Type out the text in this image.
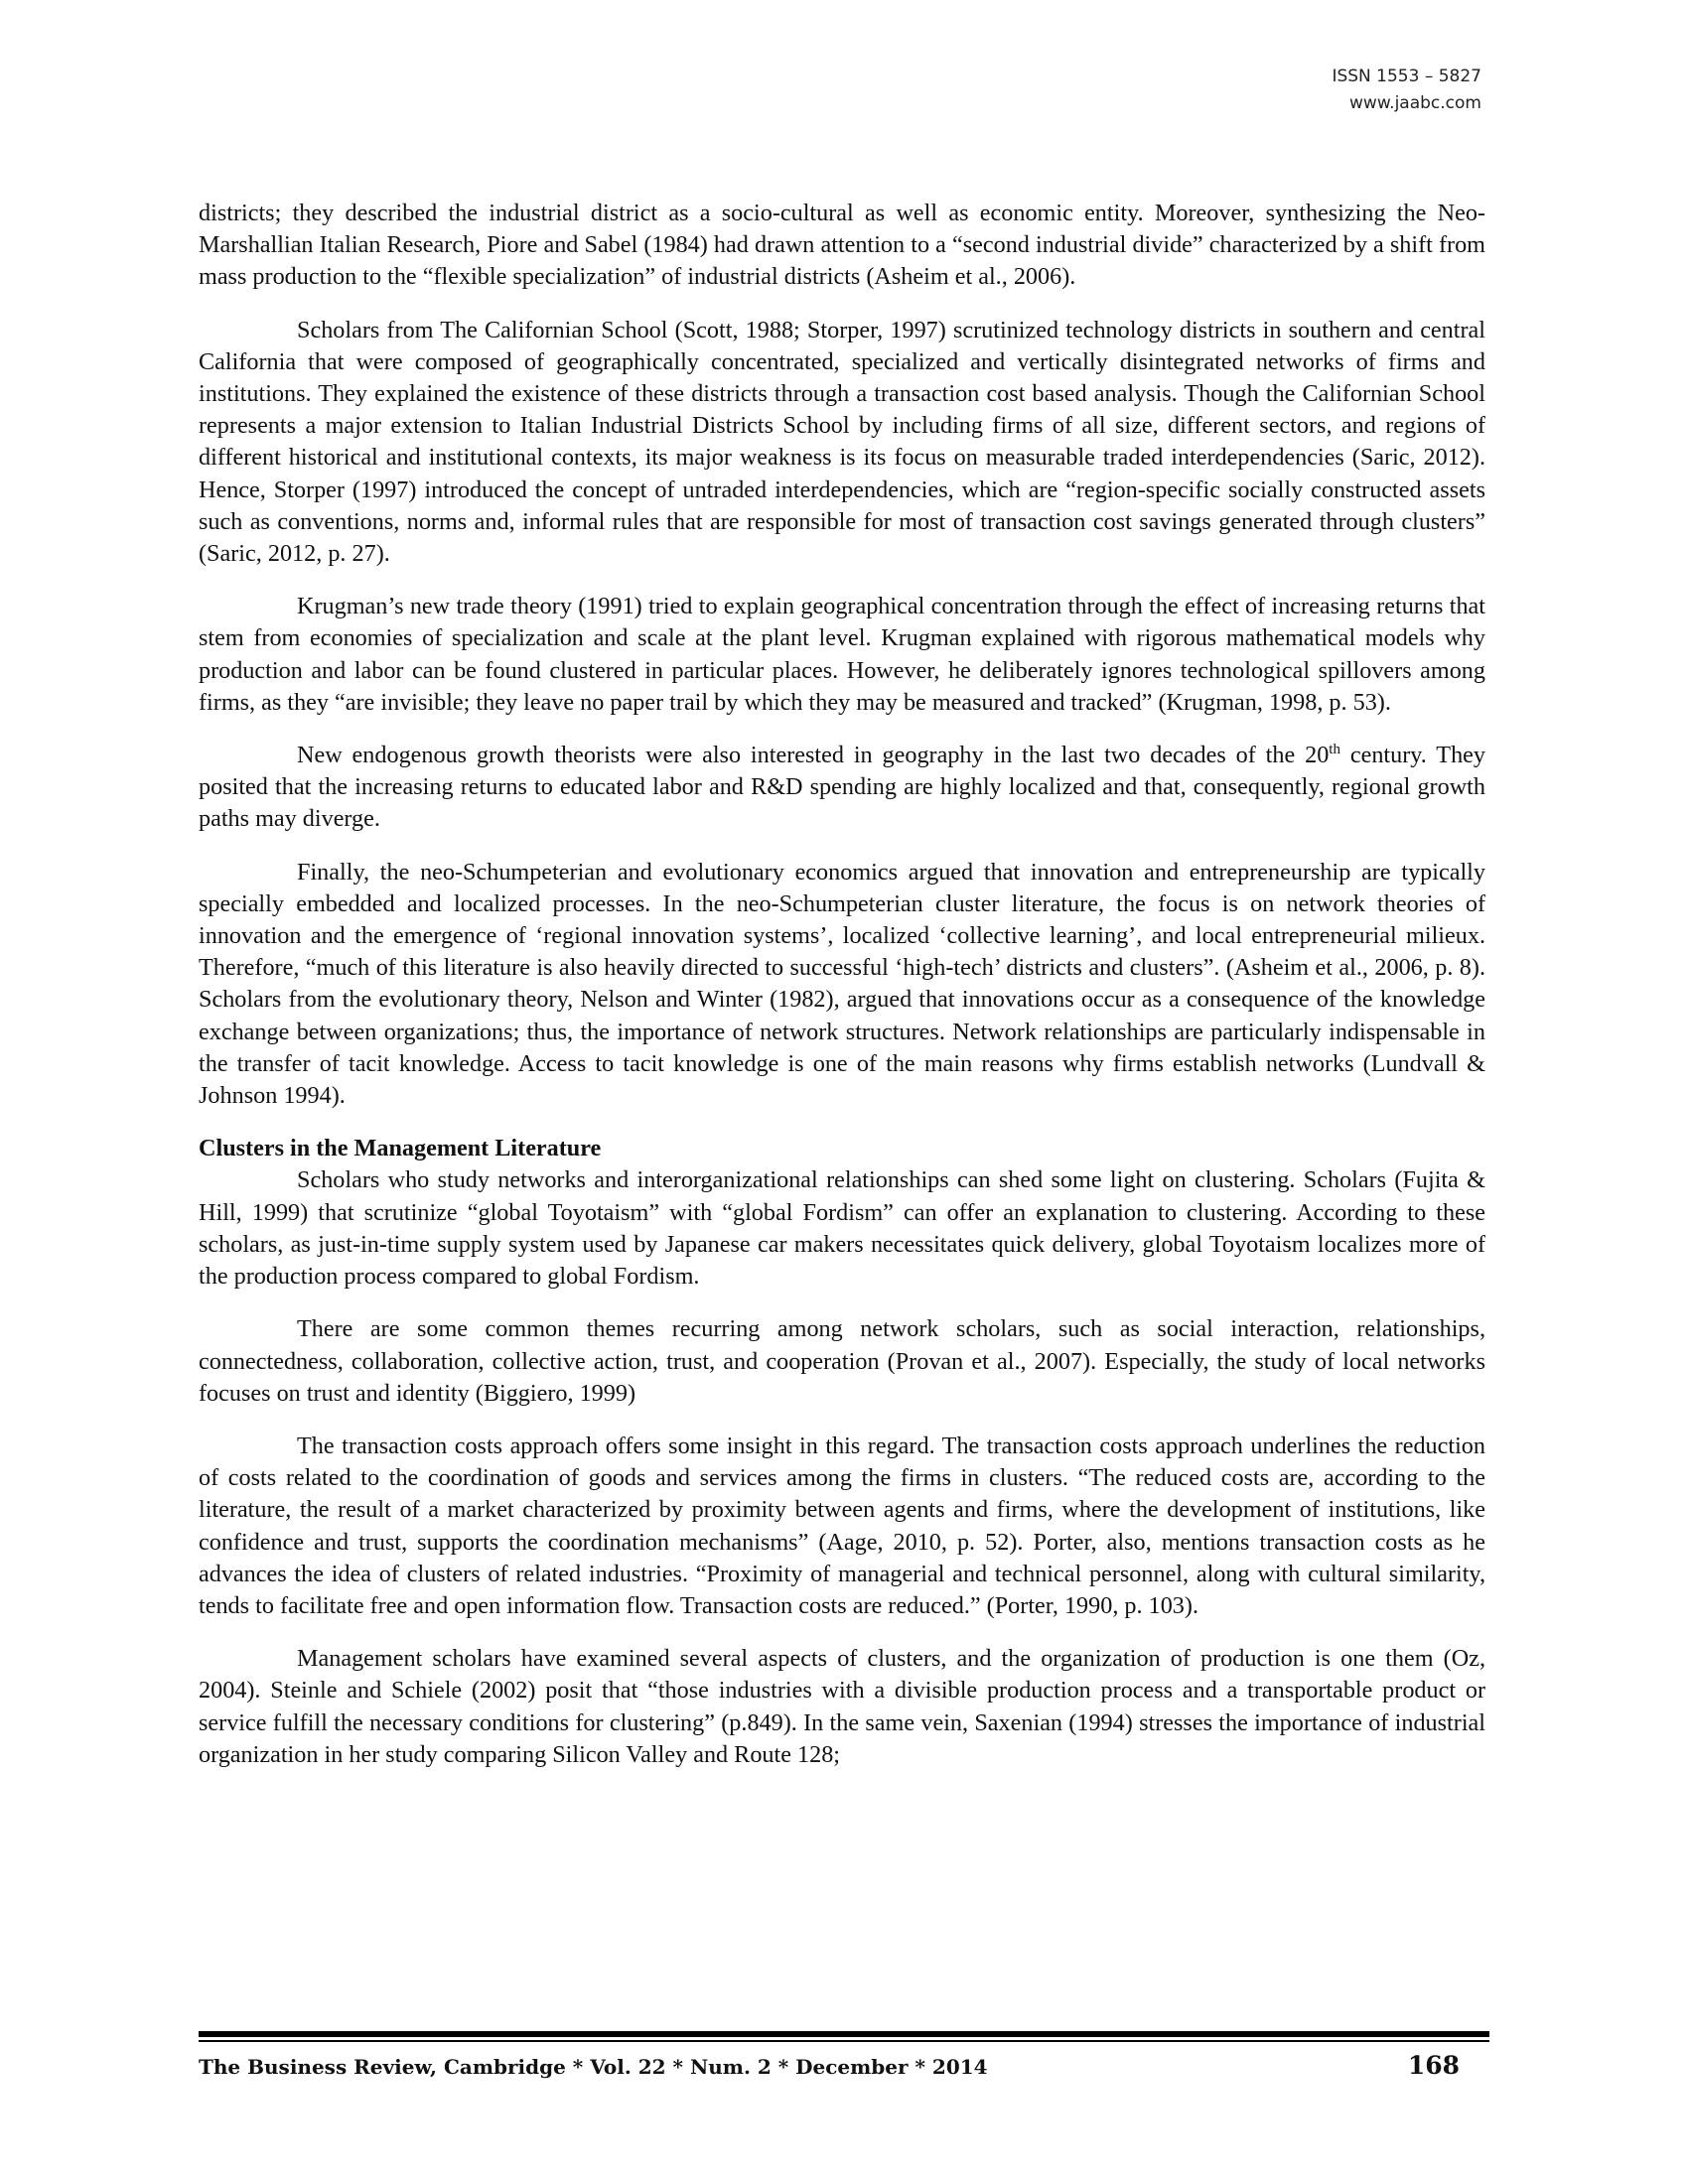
ISSN 1553 – 5827
www.jaabc.com

districts; they described the industrial district as a socio-cultural as well as economic entity. Moreover, synthesizing the Neo-Marshallian Italian Research, Piore and Sabel (1984) had drawn attention to a “second industrial divide” characterized by a shift from mass production to the “flexible specialization” of industrial districts (Asheim et al., 2006).

Scholars from The Californian School (Scott, 1988; Storper, 1997) scrutinized technology districts in southern and central California that were composed of geographically concentrated, specialized and vertically disintegrated networks of firms and institutions. They explained the existence of these districts through a transaction cost based analysis. Though the Californian School represents a major extension to Italian Industrial Districts School by including firms of all size, different sectors, and regions of different historical and institutional contexts, its major weakness is its focus on measurable traded interdependencies (Saric, 2012). Hence, Storper (1997) introduced the concept of untraded interdependencies, which are “region-specific socially constructed assets such as conventions, norms and, informal rules that are responsible for most of transaction cost savings generated through clusters” (Saric, 2012, p. 27).

Krugman’s new trade theory (1991) tried to explain geographical concentration through the effect of increasing returns that stem from economies of specialization and scale at the plant level. Krugman explained with rigorous mathematical models why production and labor can be found clustered in particular places. However, he deliberately ignores technological spillovers among firms, as they “are invisible; they leave no paper trail by which they may be measured and tracked” (Krugman, 1998, p. 53).

New endogenous growth theorists were also interested in geography in the last two decades of the 20th century. They posited that the increasing returns to educated labor and R&D spending are highly localized and that, consequently, regional growth paths may diverge.

Finally, the neo-Schumpeterian and evolutionary economics argued that innovation and entrepreneurship are typically specially embedded and localized processes. In the neo-Schumpeterian cluster literature, the focus is on network theories of innovation and the emergence of ‘regional innovation systems’, localized ‘collective learning’, and local entrepreneurial milieux. Therefore, “much of this literature is also heavily directed to successful ‘high-tech’ districts and clusters”. (Asheim et al., 2006, p. 8). Scholars from the evolutionary theory, Nelson and Winter (1982), argued that innovations occur as a consequence of the knowledge exchange between organizations; thus, the importance of network structures. Network relationships are particularly indispensable in the transfer of tacit knowledge. Access to tacit knowledge is one of the main reasons why firms establish networks (Lundvall & Johnson 1994).

Clusters in the Management Literature

Scholars who study networks and interorganizational relationships can shed some light on clustering. Scholars (Fujita & Hill, 1999) that scrutinize “global Toyotaism” with “global Fordism” can offer an explanation to clustering. According to these scholars, as just-in-time supply system used by Japanese car makers necessitates quick delivery, global Toyotaism localizes more of the production process compared to global Fordism.

There are some common themes recurring among network scholars, such as social interaction, relationships, connectedness, collaboration, collective action, trust, and cooperation (Provan et al., 2007). Especially, the study of local networks focuses on trust and identity (Biggiero, 1999)

The transaction costs approach offers some insight in this regard. The transaction costs approach underlines the reduction of costs related to the coordination of goods and services among the firms in clusters. “The reduced costs are, according to the literature, the result of a market characterized by proximity between agents and firms, where the development of institutions, like confidence and trust, supports the coordination mechanisms” (Aage, 2010, p. 52). Porter, also, mentions transaction costs as he advances the idea of clusters of related industries. “Proximity of managerial and technical personnel, along with cultural similarity, tends to facilitate free and open information flow. Transaction costs are reduced.” (Porter, 1990, p. 103).

Management scholars have examined several aspects of clusters, and the organization of production is one them (Oz, 2004). Steinle and Schiele (2002) posit that “those industries with a divisible production process and a transportable product or service fulfill the necessary conditions for clustering” (p.849). In the same vein, Saxenian (1994) stresses the importance of industrial organization in her study comparing Silicon Valley and Route 128;

The Business Review, Cambridge * Vol. 22 * Num. 2 * December * 2014	168
